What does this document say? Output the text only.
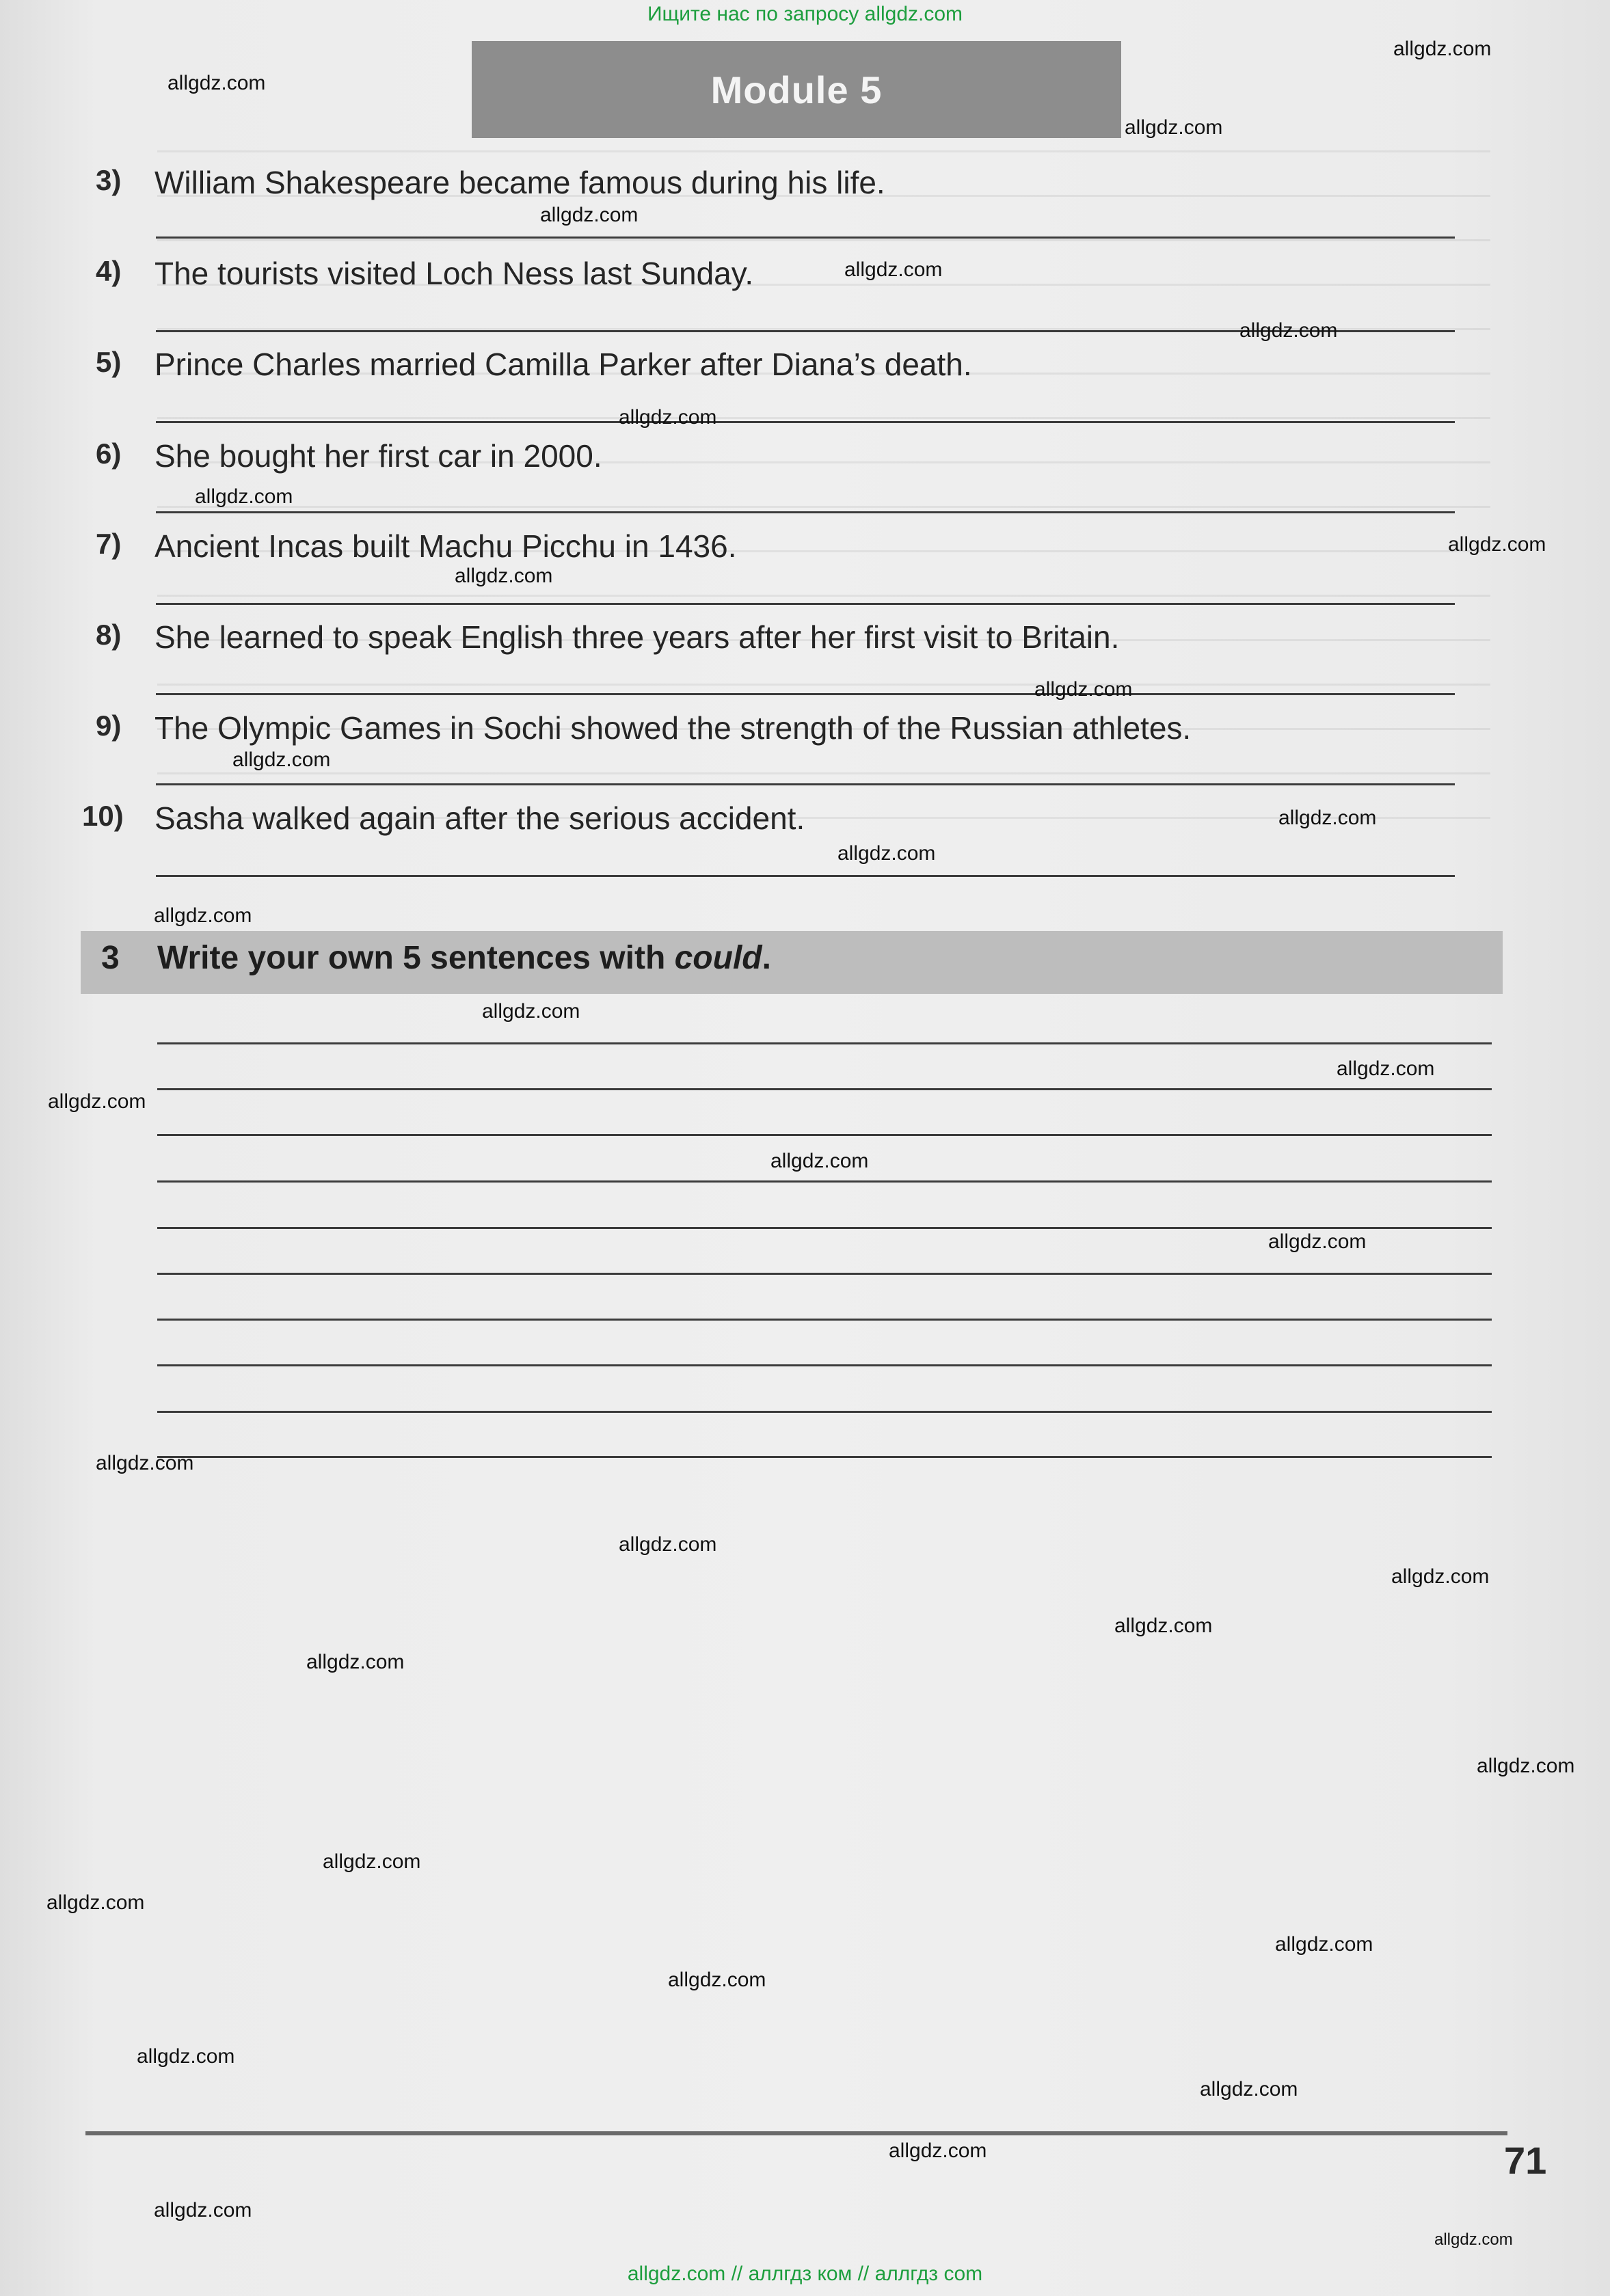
Ищите нас по запросу allgdz.com
Module 5
3) William Shakespeare became famous during his life.
4) The tourists visited Loch Ness last Sunday.
5) Prince Charles married Camilla Parker after Diana’s death.
6) She bought her first car in 2000.
7) Ancient Incas built Machu Picchu in 1436.
8) She learned to speak English three years after her first visit to Britain.
9) The Olympic Games in Sochi showed the strength of the Russian athletes.
10) Sasha walked again after the serious accident.
3 Write your own 5 sentences with could.
71
allgdz.com
allgdz.com
allgdz.com
allgdz.com
allgdz.com
allgdz.com
allgdz.com
allgdz.com
allgdz.com
allgdz.com
allgdz.com
allgdz.com
allgdz.com
allgdz.com
allgdz.com
allgdz.com
allgdz.com
allgdz.com
allgdz.com
allgdz.com
allgdz.com
allgdz.com
allgdz.com
allgdz.com
allgdz.com
allgdz.com
allgdz.com
allgdz.com
allgdz.com
allgdz.com
allgdz.com
allgdz.com
allgdz.com
allgdz.com
allgdz.com
allgdz.com // аллгдз ком // аллгдз com
